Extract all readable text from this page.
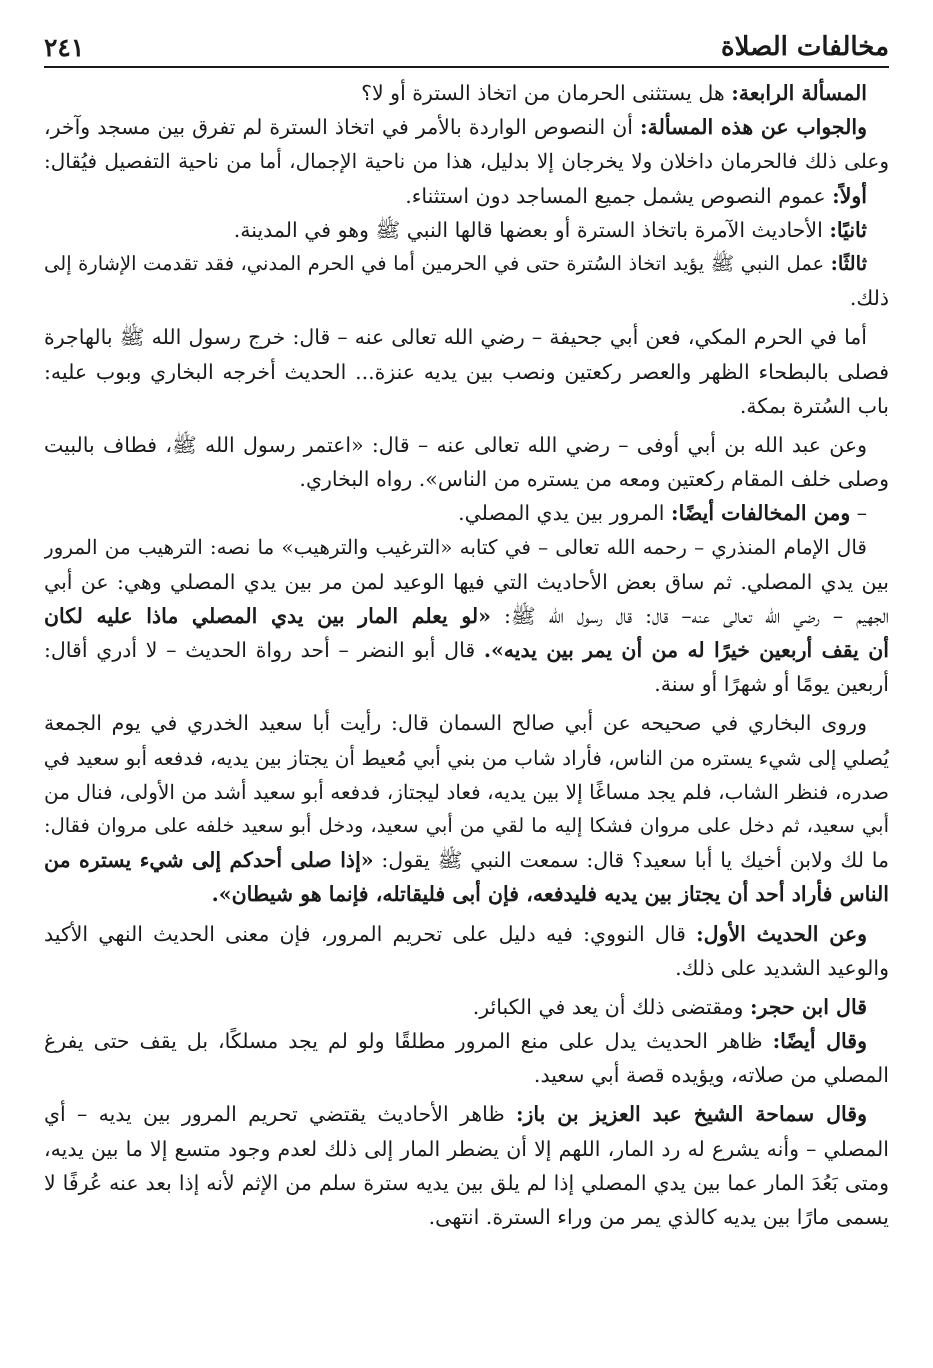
مخالفات الصلاة
٢٤١
المسألة الرابعة: هل يستثنى الحرمان من اتخاذ السترة أو لا؟
والجواب عن هذه المسألة: أن النصوص الواردة بالأمر في اتخاذ السترة لم تفرق بين مسجد وآخر،
وعلى ذلك فالحرمان داخلان ولا يخرجان إلا بدليل، هذا من ناحية الإجمال، أما من ناحية التفصيل فيُقال:
أولاً: عموم النصوص يشمل جميع المساجد دون استثناء.
ثانيًا: الأحاديث الآمرة باتخاذ السترة أو بعضها قالها النبي ﷺ وهو في المدينة.
ثالثًا: عمل النبي ﷺ يؤيد اتخاذ السُترة حتى في الحرمين أما في الحرم المدني، فقد تقدمت الإشارة إلى
ذلك.
أما في الحرم المكي، فعن أبي جحيفة – رضي الله تعالى عنه – قال: خرج رسول الله ﷺ بالهاجرة
فصلى بالبطحاء الظهر والعصر ركعتين ونصب بين يديه عنزة... الحديث أخرجه البخاري وبوب عليه:
باب السُترة بمكة.
وعن عبد الله بن أبي أوفى – رضي الله تعالى عنه – قال: «اعتمر رسول الله ﷺ، فطاف بالبيت
وصلى خلف المقام ركعتين ومعه من يستره من الناس». رواه البخاري.
– ومن المخالفات أيضًا: المرور بين يدي المصلي.
قال الإمام المنذري – رحمه الله تعالى – في كتابه «الترغيب والترهيب» ما نصه: الترهيب من المرور
بين يدي المصلي. ثم ساق بعض الأحاديث التي فيها الوعيد لمن مر بين يدي المصلي وهي: عن أبي
الجهيم – رضي الله تعالى عنه– قال: قال رسول الله ﷺ: «لو يعلم المار بين يدي المصلي ماذا عليه لكان
أن يقف أربعين خيرًا له من أن يمر بين يديه». قال أبو النضر – أحد رواة الحديث – لا أدري أقال:
أربعين يومًا أو شهرًا أو سنة.
وروى البخاري في صحيحه عن أبي صالح السمان قال: رأيت أبا سعيد الخدري في يوم الجمعة
يُصلي إلى شيء يستره من الناس، فأراد شاب من بني أبي مُعيط أن يجتاز بين يديه، فدفعه أبو سعيد في
صدره، فنظر الشاب، فلم يجد مساغًا إلا بين يديه، فعاد ليجتاز، فدفعه أبو سعيد أشد من الأولى، فنال من
أبي سعيد، ثم دخل على مروان فشكا إليه ما لقي من أبي سعيد، ودخل أبو سعيد خلفه على مروان فقال:
ما لك ولابن أخيك يا أبا سعيد؟ قال: سمعت النبي ﷺ يقول: «إذا صلى أحدكم إلى شيء يستره من
الناس فأراد أحد أن يجتاز بين يديه فليدفعه، فإن أبى فليقاتله، فإنما هو شيطان».
وعن الحديث الأول: قال النووي: فيه دليل على تحريم المرور، فإن معنى الحديث النهي الأكيد
والوعيد الشديد على ذلك.
قال ابن حجر: ومقتضى ذلك أن يعد في الكبائر.
وقال أيضًا: ظاهر الحديث يدل على منع المرور مطلقًا ولو لم يجد مسلكًا، بل يقف حتى يفرغ
المصلي من صلاته، ويؤيده قصة أبي سعيد.
وقال سماحة الشيخ عبد العزيز بن باز: ظاهر الأحاديث يقتضي تحريم المرور بين يديه – أي
المصلي – وأنه يشرع له رد المار، اللهم إلا أن يضطر المار إلى ذلك لعدم وجود متسع إلا ما بين يديه،
ومتى بَعُدَ المار عما بين يدي المصلي إذا لم يلق بين يديه سترة سلم من الإثم لأنه إذا بعد عنه عُرفًا لا
يسمى مارًا بين يديه كالذي يمر من وراء السترة. انتهى.
